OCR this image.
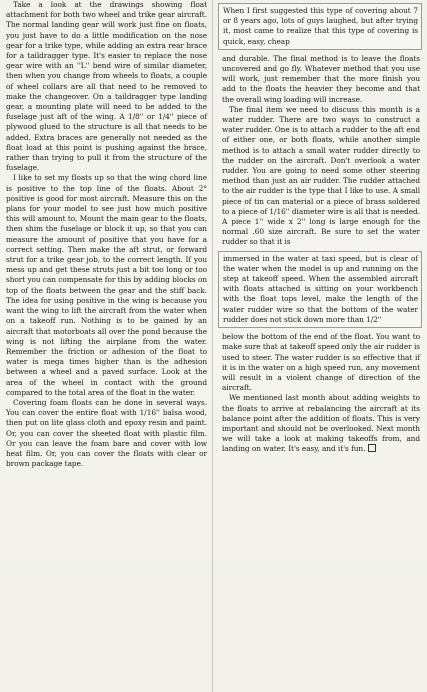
Take a look at the drawings showing float attachment for both two wheel and trike gear aircraft. The normal landing gear will work just fine on floats, you just have to do a little modification on the nose gear for a trike type, while adding an extra rear brace for a taildragger type. It's easier to replace the nose gear wire with an ''L'' bend wire of similar diameter, then when you change from wheels to floats, a couple of wheel collars are all that need to be removed to make the changeover. On a taildragger type landing gear, a mounting plate will need to be added to the fuselage just aft of the wing. A 1/8'' or 1/4'' piece of plywood glued to the structure is all that needs to be added. Extra braces are generally not needed as the float load at this point is pushing against the brace, rather than trying to pull it from the structure of the fuselage.

I like to set my floats up so that the wing chord line is positive to the top line of the floats. About 2° positive is good for most aircraft. Measure this on the plans for your model to see just how much positive this will amount to. Mount the main gear to the floats, then shim the fuselage or block it up, so that you can measure the amount of positive that you have for a correct setting. Then make the aft strut, or forward strut for a trike gear job, to the correct length. If you mess up and get these struts just a bit too long or too short you can compensate for this by adding blocks on top of the floats between the gear and the stiff back. The idea for using positive in the wing is because you want the wing to lift the aircraft from the water when on a takeoff run. Nothing is to be gained by an aircraft that motorboats all over the pond because the wing is not lifting the airplane from the water. Remember the friction or adhesion of the float to water is mega times higher than is the adhesion between a wheel and a paved surface. Look at the area of the wheel in contact with the ground compared to the total area of the float in the water.

Covering foam floats can be done in several ways. You can cover the entire float with 1/16'' balsa wood, then put on lite glass cloth and epoxy resin and paint. Or, you can cover the sheeted float with plastic film. Or you can leave the foam bare and cover with low heat film. Or, you can cover the floats with clear or brown package tape.

When I first suggested this type of covering about 7 or 8 years ago, lots of guys laughed, but after trying it, most came to realize that this type of covering is quick, easy, cheap

and durable. The final method is to leave the floats uncovered and go fly. Whatever method that you use will work, just remember that the more finish you add to the floats the heavier they become and that the overall wing loading will increase.

The final item we need to discuss this month is a water rudder. There are two ways to construct a water rudder. One is to attach a rudder to the aft end of either one, or both floats, while another simple method is to attach a small water rudder directly to the rudder on the aircraft. Don't overlook a water rudder. You are going to need some other steering method than just an air rudder. The rudder attached to the air rudder is the type that I like to use. A small piece of tin can material or a piece of brass soldered to a piece of 1/16'' diameter wire is all that is needed. A piece 1'' wide x 2'' long is large enough for the normal .60 size aircraft. Be sure to set the water rudder so that it is

immersed in the water at taxi speed, but is clear of the water when the model is up and running on the step at takeoff speed. When the assembled aircraft with floats attached is sitting on your workbench with the float tops level, make the length of the water rudder wire so that the bottom of the water rudder does not stick down more than 1/2''

below the bottom of the end of the float. You want to make sure that at takeoff speed only the air rudder is used to steer. The water rudder is so effective that if it is in the water on a high speed run, any movement will result in a violent change of direction of the aircraft.

We mentioned last month about adding weights to the floats to arrive at rebalancing the aircraft at its balance point after the addition of floats. This is very important and should not be overlooked. Next month we will take a look at making takeoffs from, and landing on water. It's easy, and it's fun.
